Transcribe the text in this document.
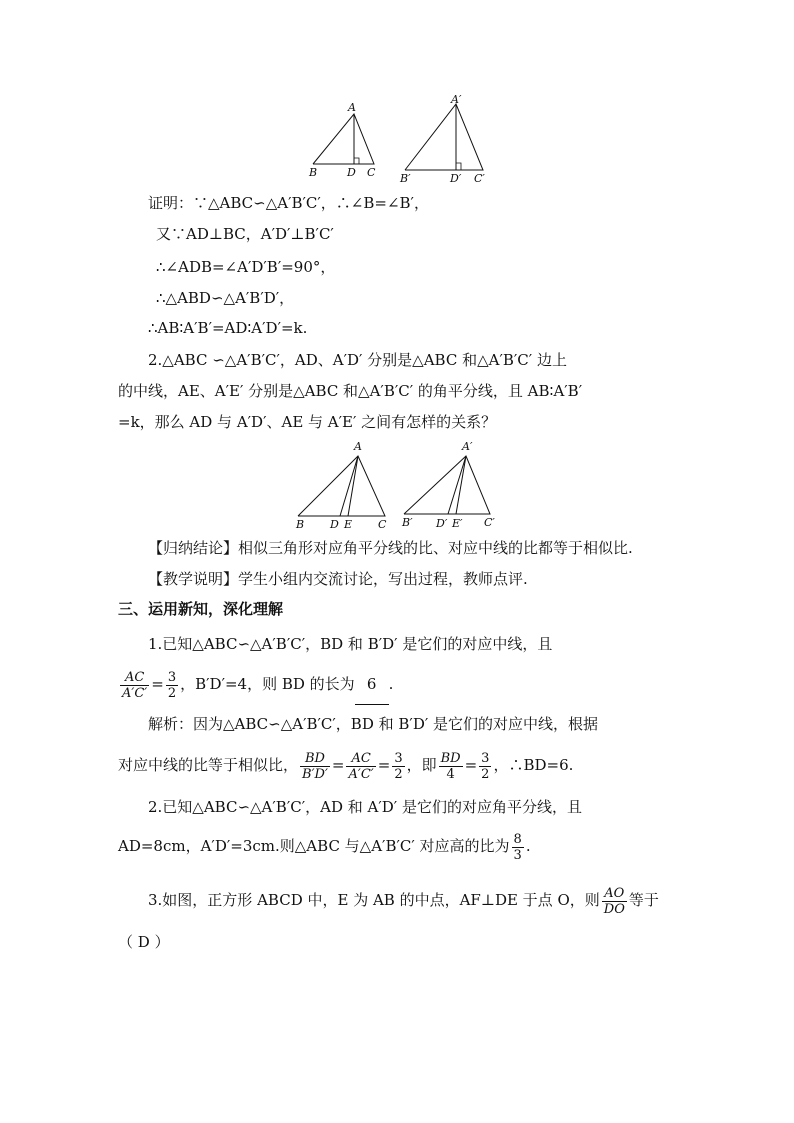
A
B	D C
A′
B′	D′ C′
证明：∵△ABC∽△A′B′C′，∴∠B=∠B′，
又∵AD⊥BC，A′D′⊥B′C′
∴∠ADB=∠A′D′B′=90°，
∴△ABD∽△A′B′D′，
∴AB∶A′B′=AD∶A′D′=k.
2.△ABC ∽△A′B′C′，AD、A′D′ 分别是△ABC 和△A′B′C′ 边上
的中线，AE、A′E′ 分别是△ABC 和△A′B′C′ 的角平分线，且 AB∶A′B′
=k，那么 AD 与 A′D′、AE 与 A′E′ 之间有怎样的关系？
A
B D E C
A′
B′ D′ E′ C′
【归纳结论】相似三角形对应角平分线的比、对应中线的比都等于相似比.
【教学说明】学生小组内交流讨论，写出过程，教师点评.
三、运用新知，深化理解
1.已知△ABC∽△A′B′C′，BD 和 B′D′ 是它们的对应中线，且
$\frac{AC}{A'C'} = \frac{3}{2}$ ，B′D′=4，则 BD 的长为 6 .
解析：因为△ABC∽△A′B′C′，BD 和 B′D′ 是它们的对应中线，根据
对应中线的比等于相似比， $\frac{BD}{B'D'} = \frac{AC}{A'C'} = \frac{3}{2}$ ，即 $\frac{BD}{4} = \frac{3}{2}$ ，∴BD=6.
2.已知△ABC∽△A′B′C′，AD 和 A′D′ 是它们的对应角平分线，且
AD=8cm，A′D′=3cm.则△ABC 与△A′B′C′ 对应高的比为 $\frac{8}{3}$ .
3.如图，正方形 ABCD 中，E 为 AB 的中点，AF⊥DE 于点 O，则 $\frac{AO}{DO}$ 等于
（ D ）
